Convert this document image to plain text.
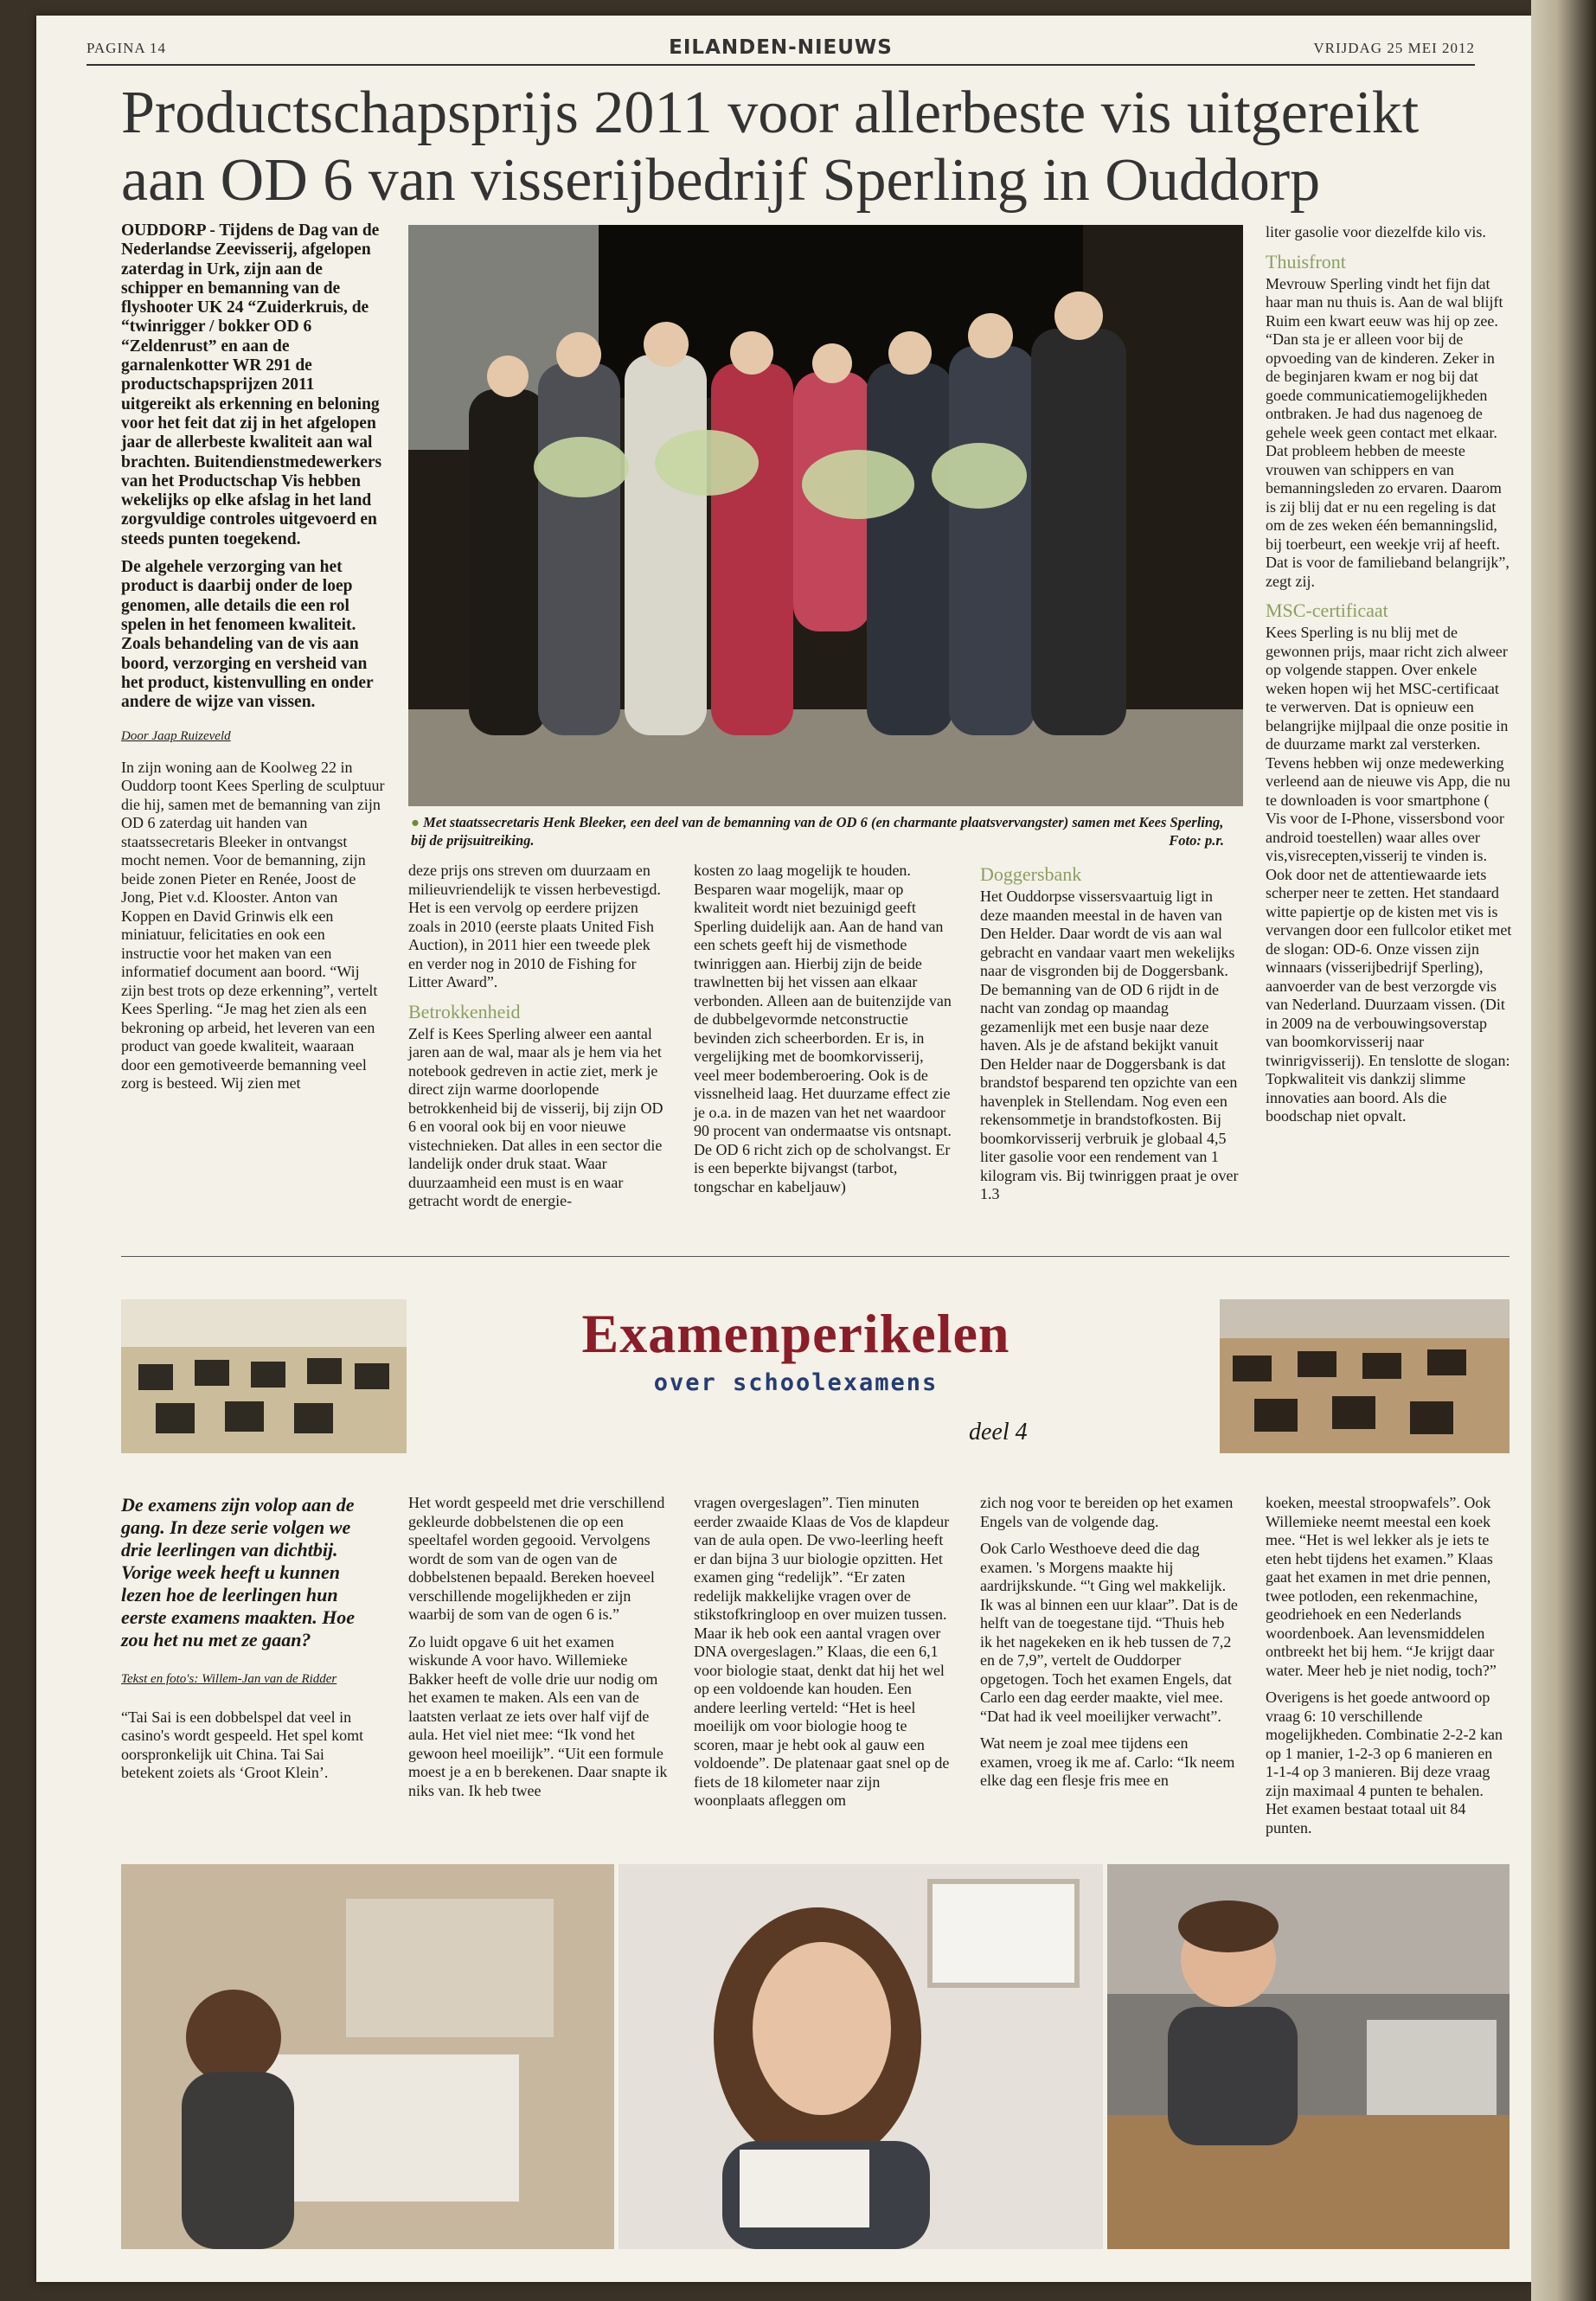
PAGINA 14	EILANDEN-NIEUWS	VRIJDAG 25 MEI 2012
Productschapsprijs 2011 voor allerbeste vis uitgereikt
aan OD 6 van visserijbedrijf Sperling in Ouddorp

OUDDORP - Tijdens de Dag van de Nederlandse Zeevisserij, afgelopen zaterdag in Urk, zijn aan de schipper en bemanning van de flyshooter UK 24 “Zuiderkruis, de “twinrigger / bokker OD 6 “Zeldenrust” en aan de garnalenkotter WR 291 de productschapsprijzen 2011 uitgereikt als erkenning en beloning voor het feit dat zij in het afgelopen jaar de allerbeste kwaliteit aan wal brachten. Buitendienstmedewerkers van het Productschap Vis hebben wekelijks op elke afslag in het land zorgvuldige controles uitgevoerd en steeds punten toegekend.

De algehele verzorging van het product is daarbij onder de loep genomen, alle details die een rol spelen in het fenomeen kwaliteit. Zoals behandeling van de vis aan boord, verzorging en versheid van het product, kistenvulling en onder andere de wijze van vissen.

Door Jaap Ruizeveld

In zijn woning aan de Koolweg 22 in Ouddorp toont Kees Sperling de sculptuur die hij, samen met de bemanning van zijn OD 6 zaterdag uit handen van staatssecretaris Bleeker in ontvangst mocht nemen. Voor de bemanning, zijn beide zonen Pieter en Renée, Joost de Jong, Piet v.d. Klooster. Anton van Koppen en David Grinwis elk een miniatuur, felicitaties en ook een instructie voor het maken van een informatief document aan boord. “Wij zijn best trots op deze erkenning”, vertelt Kees Sperling. “Je mag het zien als een bekroning op arbeid, het leveren van een product van goede kwaliteit, waaraan door een gemotiveerde bemanning veel zorg is besteed. Wij zien met

● Met staatssecretaris Henk Bleeker, een deel van de bemanning van de OD 6 (en charmante plaatsvervangster) samen met Kees Sperling, bij de prijsuitreiking.	Foto: p.r.

deze prijs ons streven om duurzaam en milieuvriendelijk te vissen herbevestigd. Het is een vervolg op eerdere prijzen zoals in 2010 (eerste plaats United Fish Auction), in 2011 hier een tweede plek en verder nog in 2010 de Fishing for Litter Award”.

Betrokkenheid

Zelf is Kees Sperling alweer een aantal jaren aan de wal, maar als je hem via het notebook gedreven in actie ziet, merk je direct zijn warme doorlopende betrokkenheid bij de visserij, bij zijn OD 6 en vooral ook bij en voor nieuwe vistechnieken. Dat alles in een sector die landelijk onder druk staat. Waar duurzaamheid een must is en waar getracht wordt de energie-

kosten zo laag mogelijk te houden. Besparen waar mogelijk, maar op kwaliteit wordt niet bezuinigd geeft Sperling duidelijk aan. Aan de hand van een schets geeft hij de vismethode twinriggen aan. Hierbij zijn de beide trawlnetten bij het vissen aan elkaar verbonden. Alleen aan de buitenzijde van de dubbelgevormde netconstructie bevinden zich scheerborden. Er is, in vergelijking met de boomkorvisserij, veel meer bodemberoering. Ook is de vissnelheid laag. Het duurzame effect zie je o.a. in de mazen van het net waardoor 90 procent van ondermaatse vis ontsnapt. De OD 6 richt zich op de scholvangst. Er is een beperkte bijvangst (tarbot, tongschar en kabeljauw)

Doggersbank

Het Ouddorpse vissersvaartuig ligt in deze maanden meestal in de haven van Den Helder. Daar wordt de vis aan wal gebracht en vandaar vaart men wekelijks naar de visgronden bij de Doggersbank. De bemanning van de OD 6 rijdt in de nacht van zondag op maandag gezamenlijk met een busje naar deze haven. Als je de afstand bekijkt vanuit Den Helder naar de Doggersbank is dat brandstof besparend ten opzichte van een havenplek in Stellendam. Nog even een rekensommetje in brandstofkosten. Bij boomkorvisserij verbruik je globaal 4,5 liter gasolie voor een rendement van 1 kilogram vis. Bij twinriggen praat je over 1.3

liter gasolie voor diezelfde kilo vis.

Thuisfront

Mevrouw Sperling vindt het fijn dat haar man nu thuis is. Aan de wal blijft Ruim een kwart eeuw was hij op zee. “Dan sta je er alleen voor bij de opvoeding van de kinderen. Zeker in de beginjaren kwam er nog bij dat goede communicatiemogelijkheden ontbraken. Je had dus nagenoeg de gehele week geen contact met elkaar. Dat probleem hebben de meeste vrouwen van schippers en van bemanningsleden zo ervaren. Daarom is zij blij dat er nu een regeling is dat om de zes weken één bemanningslid, bij toerbeurt, een weekje vrij af heeft. Dat is voor de familieband belangrijk”, zegt zij.

MSC-certificaat

Kees Sperling is nu blij met de gewonnen prijs, maar richt zich alweer op volgende stappen. Over enkele weken hopen wij het MSC-certificaat te verwerven. Dat is opnieuw een belangrijke mijlpaal die onze positie in de duurzame markt zal versterken. Tevens hebben wij onze medewerking verleend aan de nieuwe vis App, die nu te downloaden is voor smartphone ( Vis voor de I-Phone, vissersbond voor android toestellen) waar alles over vis,visrecepten,visserij te vinden is. Ook door net de attentiewaarde iets scherper neer te zetten. Het standaard witte papiertje op de kisten met vis is vervangen door een fullcolor etiket met de slogan: OD-6. Onze vissen zijn winnaars (visserijbedrijf Sperling), aanvoerder van de best verzorgde vis van Nederland. Duurzaam vissen. (Dit in 2009 na de verbouwingsoverstap van boomkorvisserij naar twinrigvisserij). En tenslotte de slogan: Topkwaliteit vis dankzij slimme innovaties aan boord. Als die boodschap niet opvalt.

Examenperikelen
over schoolexamens
deel 4

De examens zijn volop aan de gang. In deze serie volgen we drie leerlingen van dichtbij. Vorige week heeft u kunnen lezen hoe de leerlingen hun eerste examens maakten. Hoe zou het nu met ze gaan?

Tekst en foto's: Willem-Jan van de Ridder

“Tai Sai is een dobbelspel dat veel in casino's wordt gespeeld. Het spel komt oorspronkelijk uit China. Tai Sai betekent zoiets als ‘Groot Klein’.

Het wordt gespeeld met drie verschillend gekleurde dobbelstenen die op een speeltafel worden gegooid. Vervolgens wordt de som van de ogen van de dobbelstenen bepaald. Bereken hoeveel verschillende mogelijkheden er zijn waarbij de som van de ogen 6 is.”

Zo luidt opgave 6 uit het examen wiskunde A voor havo. Willemieke Bakker heeft de volle drie uur nodig om het examen te maken. Als een van de laatsten verlaat ze iets over half vijf de aula. Het viel niet mee: “Ik vond het gewoon heel moeilijk”. “Uit een formule moest je a en b berekenen. Daar snapte ik niks van. Ik heb twee

vragen overgeslagen”. Tien minuten eerder zwaaide Klaas de Vos de klapdeur van de aula open. De vwo-leerling heeft er dan bijna 3 uur biologie opzitten. Het examen ging “redelijk”. “Er zaten redelijk makkelijke vragen over de stikstofkringloop en over muizen tussen. Maar ik heb ook een aantal vragen over DNA overgeslagen.” Klaas, die een 6,1 voor biologie staat, denkt dat hij het wel op een voldoende kan houden. Een andere leerling verteld: “Het is heel moeilijk om voor biologie hoog te scoren, maar je hebt ook al gauw een voldoende”. De platenaar gaat snel op de fiets de 18 kilometer naar zijn woonplaats afleggen om

zich nog voor te bereiden op het examen Engels van de volgende dag.

Ook Carlo Westhoeve deed die dag examen. 's Morgens maakte hij aardrijkskunde. “'t Ging wel makkelijk. Ik was al binnen een uur klaar”. Dat is de helft van de toegestane tijd. “Thuis heb ik het nagekeken en ik heb tussen de 7,2 en de 7,9”, vertelt de Ouddorper opgetogen. Toch het examen Engels, dat Carlo een dag eerder maakte, viel mee. “Dat had ik veel moeilijker verwacht”.

Wat neem je zoal mee tijdens een examen, vroeg ik me af. Carlo: “Ik neem elke dag een flesje fris mee en

koeken, meestal stroopwafels”. Ook Willemieke neemt meestal een koek mee. “Het is wel lekker als je iets te eten hebt tijdens het examen.” Klaas gaat het examen in met drie pennen, twee potloden, een rekenmachine, geodriehoek en een Nederlands woordenboek. Aan levensmiddelen ontbreekt het bij hem. “Je krijgt daar water. Meer heb je niet nodig, toch?”

Overigens is het goede antwoord op vraag 6: 10 verschillende mogelijkheden. Combinatie 2-2-2 kan op 1 manier, 1-2-3 op 6 manieren en 1-1-4 op 3 manieren. Bij deze vraag zijn maximaal 4 punten te behalen. Het examen bestaat totaal uit 84 punten.
